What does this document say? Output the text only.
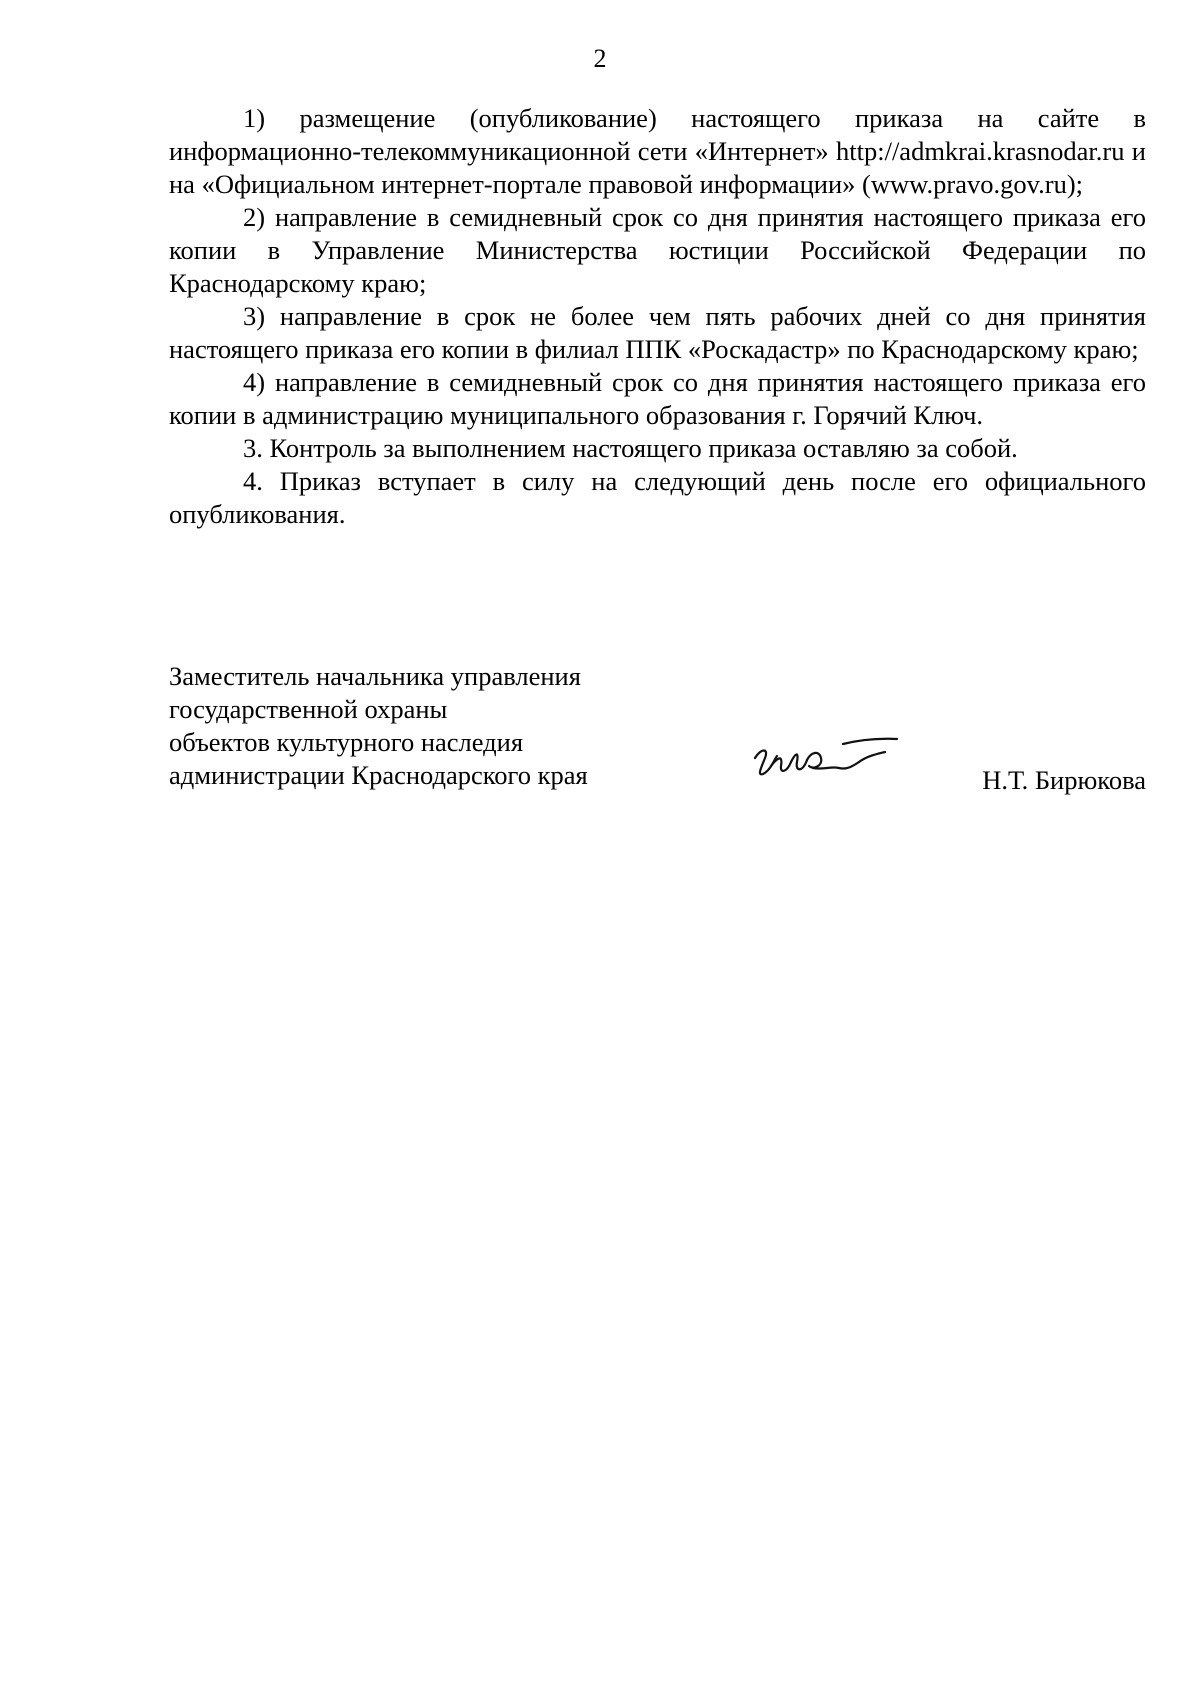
2

1) размещение (опубликование) настоящего приказа на сайте в информационно-телекоммуникационной сети «Интернет» http://admkrai.krasnodar.ru и на «Официальном интернет-портале правовой информации» (www.pravo.gov.ru);

2) направление в семидневный срок со дня принятия настоящего приказа его копии в Управление Министерства юстиции Российской Федерации по Краснодарскому краю;

3) направление в срок не более чем пять рабочих дней со дня принятия настоящего приказа его копии в филиал ППК «Роскадастр» по Краснодарскому краю;

4) направление в семидневный срок со дня принятия настоящего приказа его копии в администрацию муниципального образования г. Горячий Ключ.

3. Контроль за выполнением настоящего приказа оставляю за собой.

4. Приказ вступает в силу на следующий день после его официального опубликования.

Заместитель начальника управления
государственной охраны
объектов культурного наследия
администрации Краснодарского края	Н.Т. Бирюкова
